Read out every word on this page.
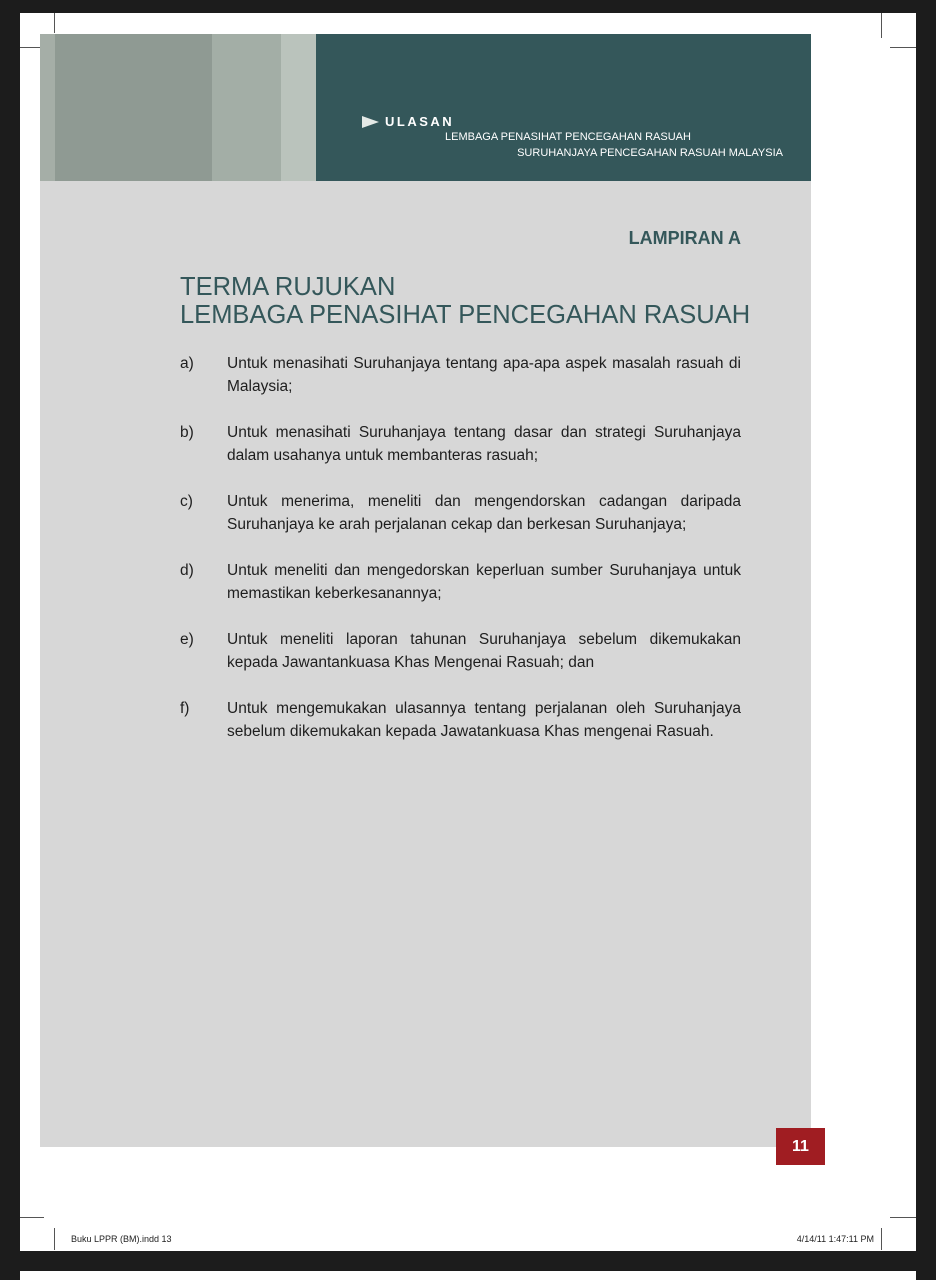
ULASAN
LEMBAGA PENASIHAT PENCEGAHAN RASUAH
SURUHANJAYA PENCEGAHAN RASUAH MALAYSIA
LAMPIRAN A
TERMA RUJUKAN
LEMBAGA PENASIHAT PENCEGAHAN RASUAH
a) Untuk menasihati Suruhanjaya tentang apa-apa aspek masalah rasuah di Malaysia;
b) Untuk menasihati Suruhanjaya tentang dasar dan strategi Suruhanjaya dalam usahanya untuk membanteras rasuah;
c) Untuk menerima, meneliti dan mengendorskan cadangan daripada Suruhanjaya ke arah perjalanan cekap dan berkesan Suruhanjaya;
d) Untuk meneliti dan mengedorskan keperluan sumber Suruhanjaya untuk memastikan keberkesanannya;
e) Untuk meneliti laporan tahunan Suruhanjaya sebelum dikemukakan kepada Jawantankuasa Khas Mengenai Rasuah; dan
f) Untuk mengemukakan ulasannya tentang perjalanan oleh Suruhanjaya sebelum dikemukakan kepada Jawatankuasa Khas mengenai Rasuah.
11
Buku LPPR (BM).indd 13	4/14/11 1:47:11 PM
